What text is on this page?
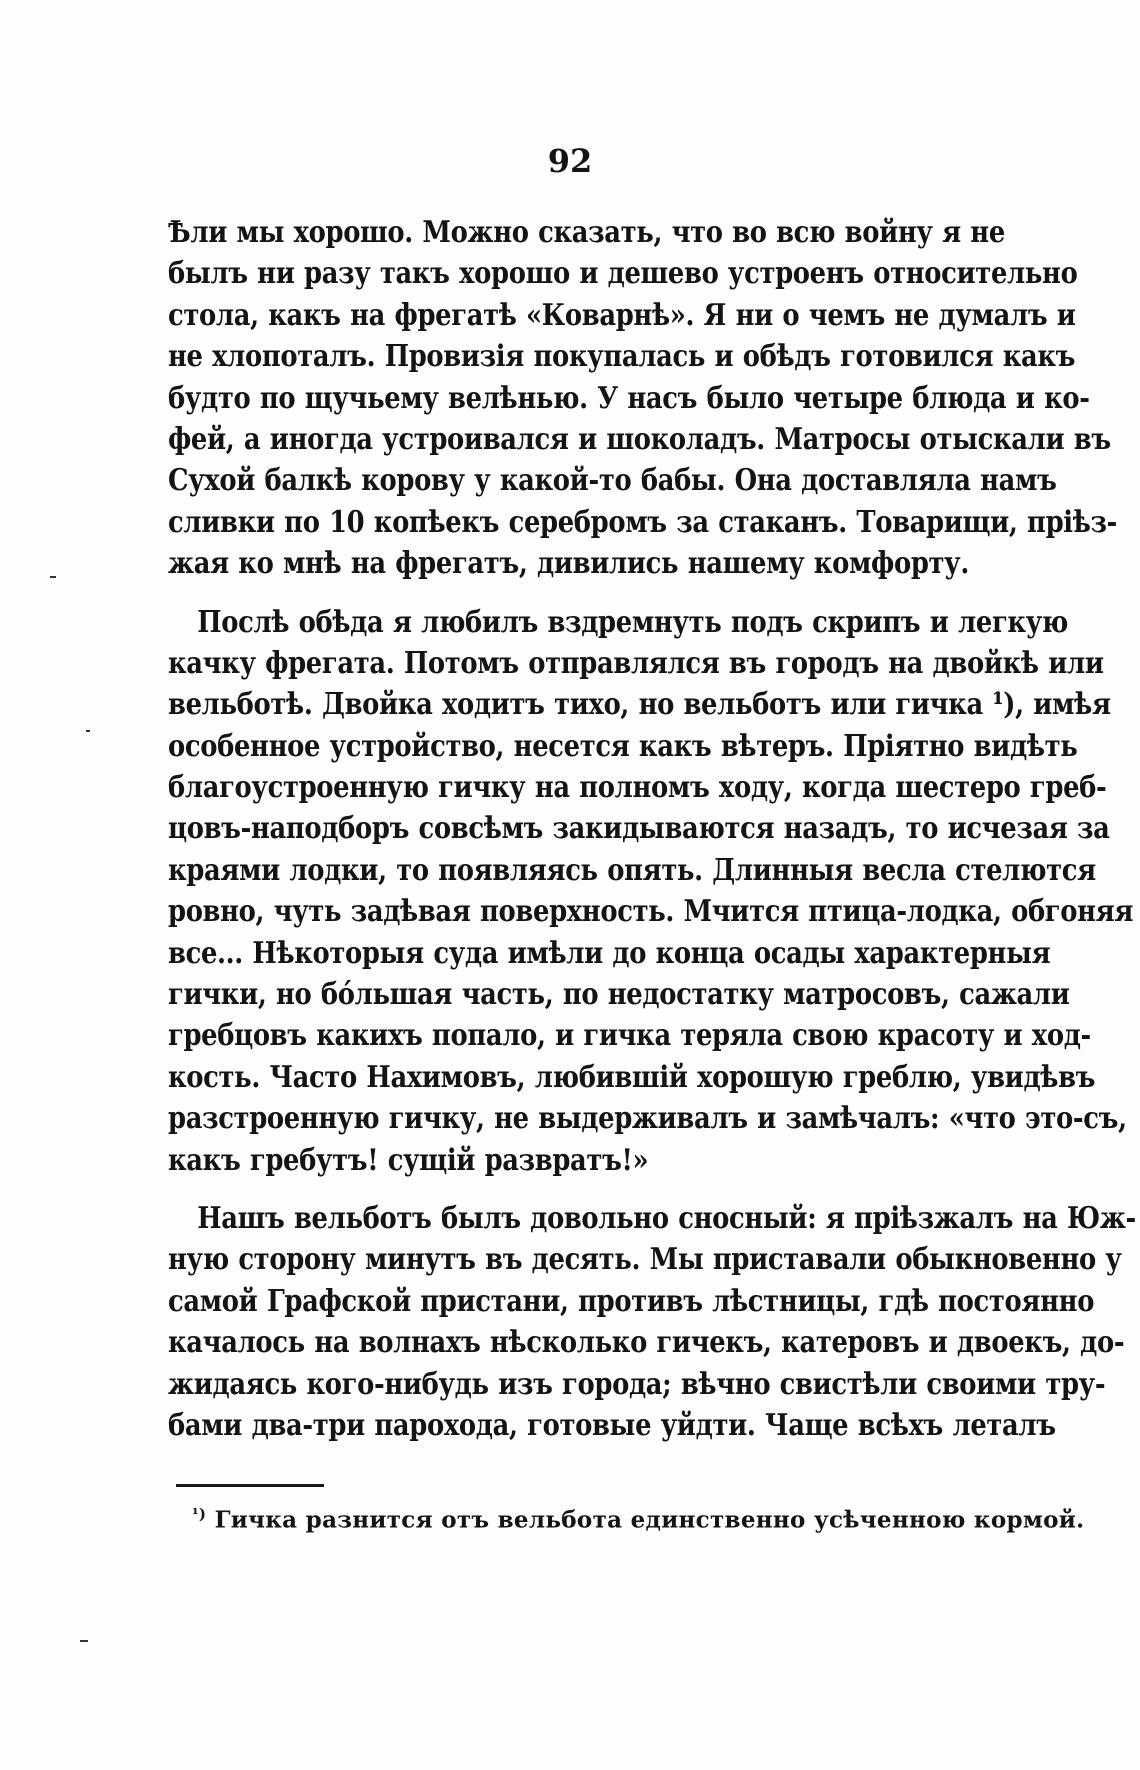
92
Ѣли мы хорошо. Можно сказать, что во всю войну я не
былъ ни разу такъ хорошо и дешево устроенъ относительно
стола, какъ на фрегатѣ «Коварнѣ». Я ни о чемъ не думалъ и
не хлопоталъ. Провизія покупалась и обѣдъ готовился какъ
будто по щучьему велѣнью. У насъ было четыре блюда и ко-
фей, а иногда устроивался и шоколадъ. Матросы отыскали въ
Сухой балкѣ корову у какой-то бабы. Она доставляла намъ
сливки по 10 копѣекъ серебромъ за стаканъ. Товарищи, пріѣз-
жая ко мнѣ на фрегатъ, дивились нашему комфорту.
Послѣ обѣда я любилъ вздремнуть подъ скрипъ и легкую
качку фрегата. Потомъ отправлялся въ городъ на двойкѣ или
вельботѣ. Двойка ходитъ тихо, но вельботъ или гичка ¹), имѣя
особенное устройство, несется какъ вѣтеръ. Пріятно видѣть
благоустроенную гичку на полномъ ходу, когда шестеро греб-
цовъ-наподборъ совсѣмъ закидываются назадъ, то исчезая за
краями лодки, то появляясь опять. Длинныя весла стелются
ровно, чуть задѣвая поверхность. Мчится птица-лодка, обгоняя
все... Нѣкоторыя суда имѣли до конца осады характерныя
гички, но бо́льшая часть, по недостатку матросовъ, сажали
гребцовъ какихъ попало, и гичка теряла свою красоту и ход-
кость. Часто Нахимовъ, любившій хорошую греблю, увидѣвъ
разстроенную гичку, не выдерживалъ и замѣчалъ: «что это-съ,
какъ гребутъ! сущій развратъ!»
Нашъ вельботъ былъ довольно сносный: я пріѣзжалъ на Юж-
ную сторону минутъ въ десять. Мы приставали обыкновенно у
самой Графской пристани, противъ лѣстницы, гдѣ постоянно
качалось на волнахъ нѣсколько гичекъ, катеровъ и двоекъ, до-
жидаясь кого-нибудь изъ города; вѣчно свистѣли своими тру-
бами два-три парохода, готовые уйдти. Чаще всѣхъ леталъ
$^{^1)}$ Гичка разнится отъ вельбота единственно усѣченною кормой.
